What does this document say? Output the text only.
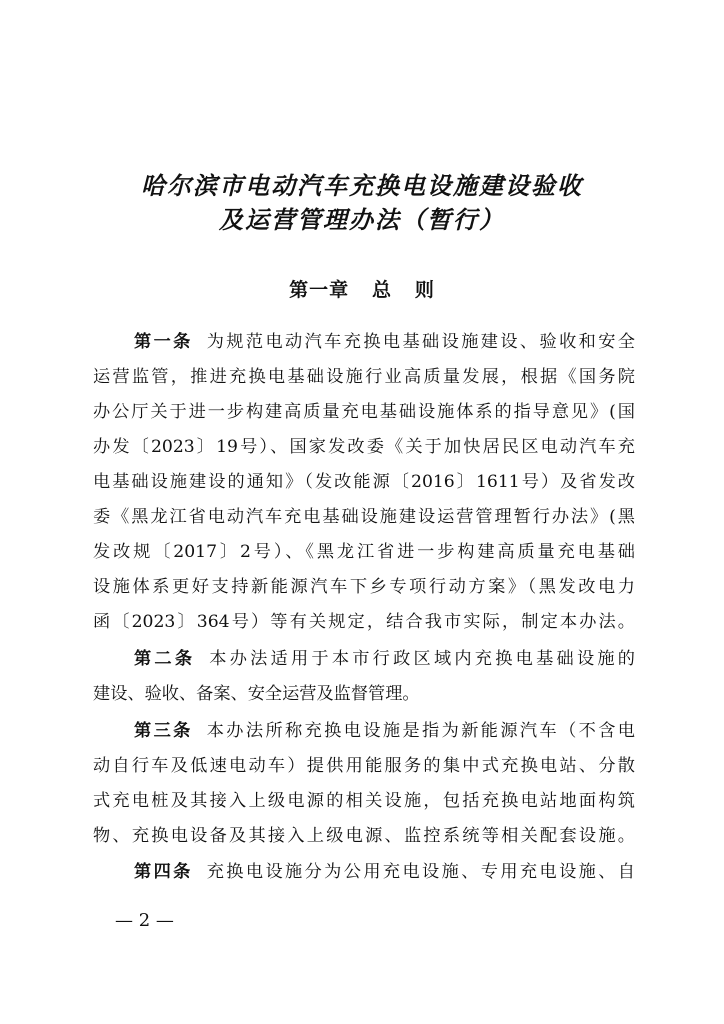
哈尔滨市电动汽车充换电设施建设验收
及运营管理办法（暂行）
第一章   总   则
第一条 为规范电动汽车充换电基础设施建设、验收和安全
运营监管，推进充换电基础设施行业高质量发展，根据《国务院
办公厅关于进一步构建高质量充电基础设施体系的指导意见》(国
办发〔2023〕19号）、国家发改委《关于加快居民区电动汽车充
电基础设施建设的通知》（发改能源〔2016〕1611号）及省发改
委《黑龙江省电动汽车充电基础设施建设运营管理暂行办法》(黑
发改规〔2017〕2号）、《黑龙江省进一步构建高质量充电基础
设施体系更好支持新能源汽车下乡专项行动方案》（黑发改电力
函〔2023〕364号）等有关规定，结合我市实际，制定本办法。
第二条 本办法适用于本市行政区域内充换电基础设施的
建设、验收、备案、安全运营及监督管理。
第三条 本办法所称充换电设施是指为新能源汽车（不含电
动自行车及低速电动车）提供用能服务的集中式充换电站、分散
式充电桩及其接入上级电源的相关设施，包括充换电站地面构筑
物、充换电设备及其接入上级电源、监控系统等相关配套设施。
第四条 充换电设施分为公用充电设施、专用充电设施、自
— 2 —
